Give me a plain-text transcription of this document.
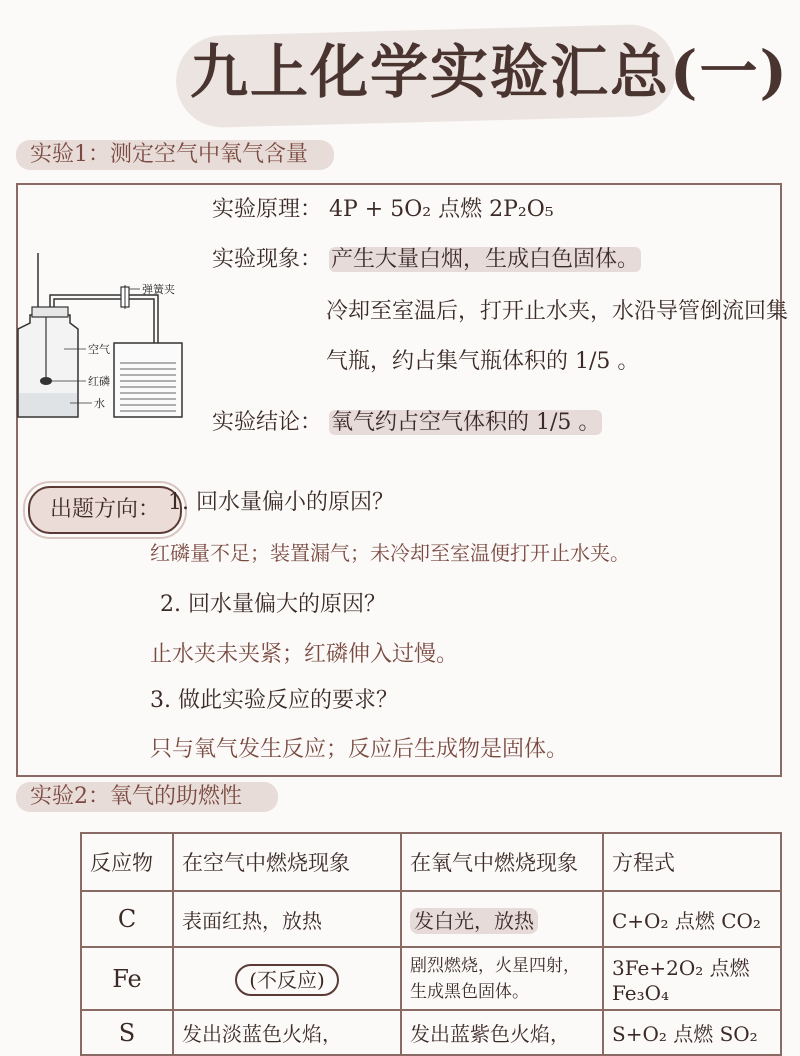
九上化学实验汇总(一)
实验1：测定空气中氧气含量
弹簧夹
空气
红磷
水
实验原理： 4P + 5O₂ 点燃 2P₂O₅
实验现象： 产生大量白烟，生成白色固体。
冷却至室温后，打开止水夹，水沿导管倒流回集
气瓶，约占集气瓶体积的 1/5 。
实验结论： 氧气约占空气体积的 1/5 。
出题方向： 1. 回水量偏小的原因？
红磷量不足；装置漏气；未冷却至室温便打开止水夹。
2. 回水量偏大的原因？
止水夹未夹紧；红磷伸入过慢。
3. 做此实验反应的要求？
只与氧气发生反应；反应后生成物是固体。
实验2：氧气的助燃性
反应物	在空气中燃烧现象	在氧气中燃烧现象	方程式
C	表面红热，放热	发白光，放热	C+O₂ 点燃 CO₂
Fe	(不反应)	剧烈燃烧，火星四射，生成黑色固体。	3Fe+2O₂ 点燃 Fe₃O₄
S	发出淡蓝色火焰，	发出蓝紫色火焰，	S+O₂ 点燃 SO₂
